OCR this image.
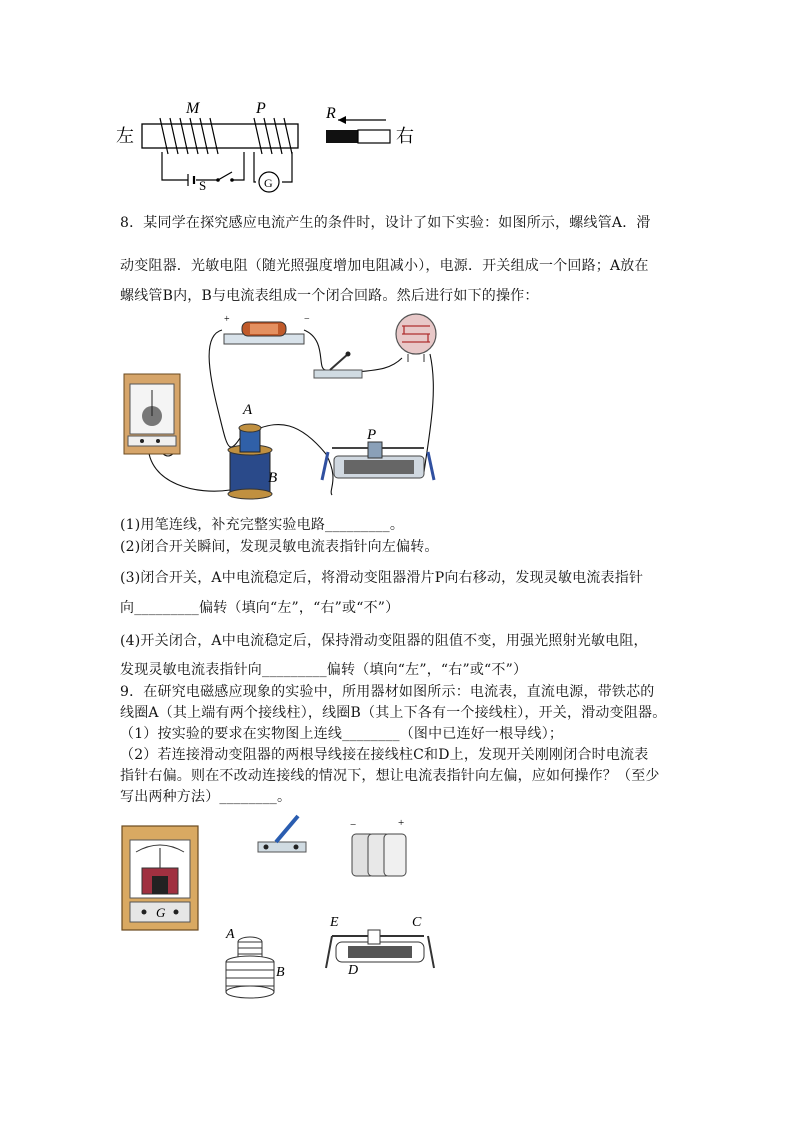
左	右
M	P
S	G
R
8．某同学在探究感应电流产生的条件时，设计了如下实验：如图所示，螺线管A．滑
动变阻器．光敏电阻（随光照强度增加电阻减小），电源．开关组成一个回路；A放在
螺线管B内，B与电流表组成一个闭合回路。然后进行如下的操作：
+	−
A
B
P
(1)用笔连线，补充完整实验电路_________。
(2)闭合开关瞬间，发现灵敏电流表指针向左偏转。
(3)闭合开关，A中电流稳定后，将滑动变阻器滑片P向右移动，发现灵敏电流表指针
向_________偏转（填向“左”，“右”或“不”）
(4)开关闭合，A中电流稳定后，保持滑动变阻器的阻值不变，用强光照射光敏电阻，
发现灵敏电流表指针向_________偏转（填向“左”，“右”或“不”）
9．在研究电磁感应现象的实验中，所用器材如图所示：电流表，直流电源，带铁芯的
线圈A（其上端有两个接线柱），线圈B（其上下各有一个接线柱），开关，滑动变阻器。
（1）按实验的要求在实物图上连线________（图中已连好一根导线）；
（2）若连接滑动变阻器的两根导线接在接线柱C和D上，发现开关刚刚闭合时电流表
指针右偏。则在不改动连接线的情况下，想让电流表指针向左偏，应如何操作？（至少
写出两种方法）________。
G
−	+
A
B
E	C
D
